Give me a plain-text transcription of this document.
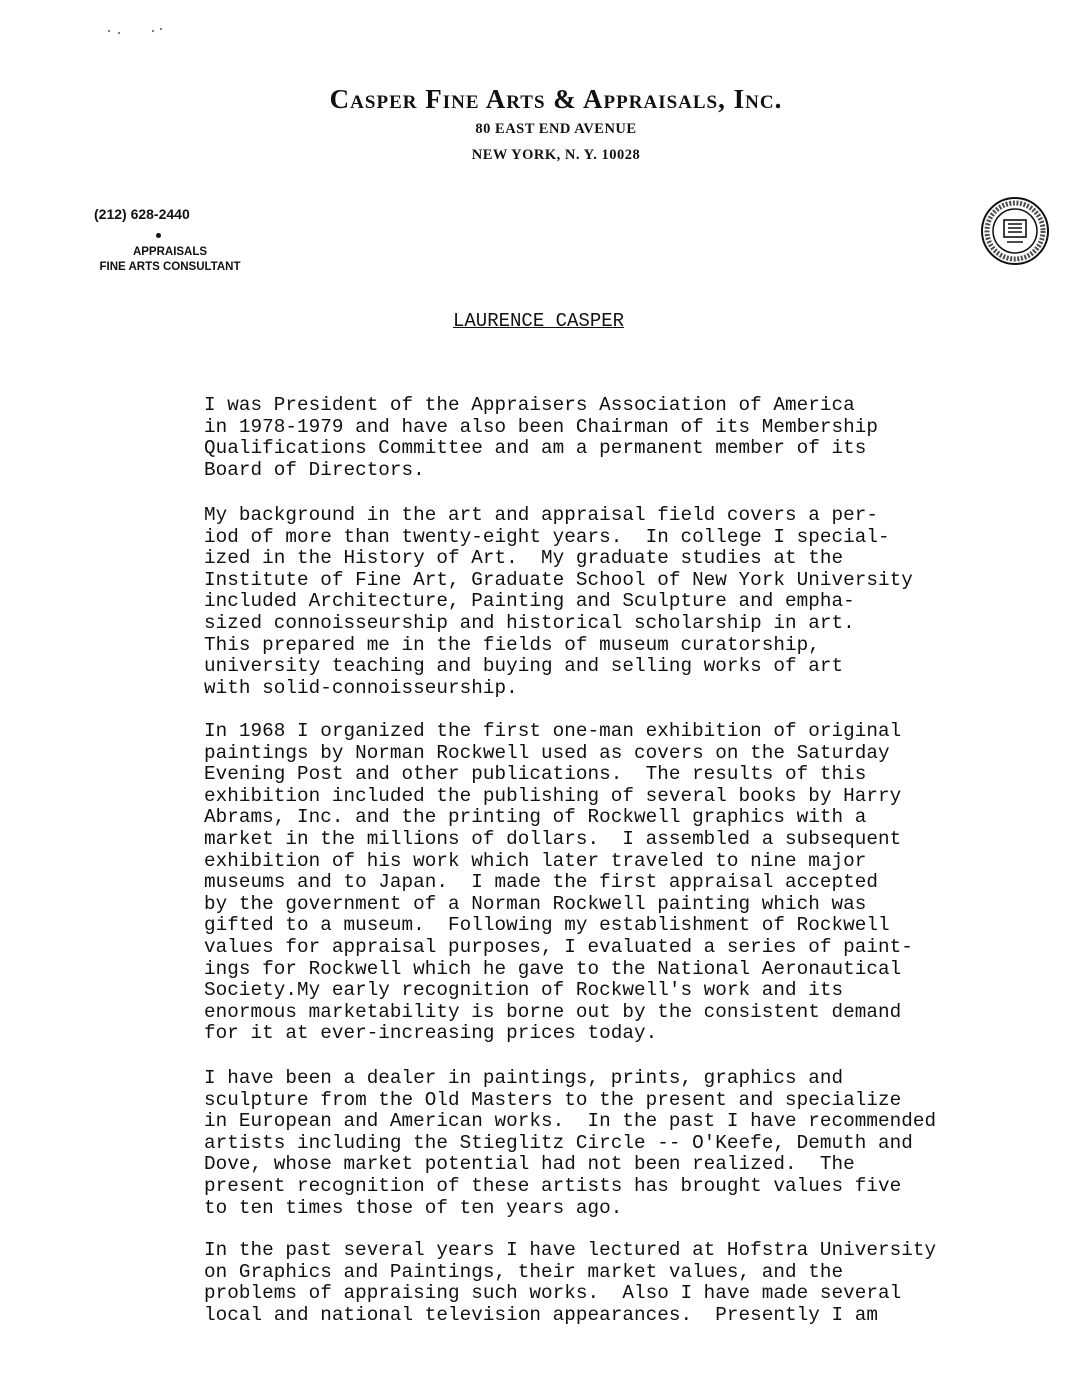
Casper Fine Arts & Appraisals, Inc.
80 EAST END AVENUE
NEW YORK, N. Y. 10028
(212) 628-2440
APPRAISALS
FINE ARTS CONSULTANT
LAURENCE CASPER
I was President of the Appraisers Association of America
in 1978-1979 and have also been Chairman of its Membership
Qualifications Committee and am a permanent member of its
Board of Directors.
My background in the art and appraisal field covers a per-
iod of more than twenty-eight years.  In college I special-
ized in the History of Art.  My graduate studies at the
Institute of Fine Art, Graduate School of New York University
included Architecture, Painting and Sculpture and empha-
sized connoisseurship and historical scholarship in art.
This prepared me in the fields of museum curatorship,
university teaching and buying and selling works of art
with solid-connoisseurship.
In 1968 I organized the first one-man exhibition of original
paintings by Norman Rockwell used as covers on the Saturday
Evening Post and other publications.  The results of this
exhibition included the publishing of several books by Harry
Abrams, Inc. and the printing of Rockwell graphics with a
market in the millions of dollars.  I assembled a subsequent
exhibition of his work which later traveled to nine major
museums and to Japan.  I made the first appraisal accepted
by the government of a Norman Rockwell painting which was
gifted to a museum.  Following my establishment of Rockwell
values for appraisal purposes, I evaluated a series of paint-
ings for Rockwell which he gave to the National Aeronautical
Society.My early recognition of Rockwell's work and its
enormous marketability is borne out by the consistent demand
for it at ever-increasing prices today.
I have been a dealer in paintings, prints, graphics and
sculpture from the Old Masters to the present and specialize
in European and American works.  In the past I have recommended
artists including the Stieglitz Circle -- O'Keefe, Demuth and
Dove, whose market potential had not been realized.  The
present recognition of these artists has brought values five
to ten times those of ten years ago.
In the past several years I have lectured at Hofstra University
on Graphics and Paintings, their market values, and the
problems of appraising such works.  Also I have made several
local and national television appearances.  Presently I am
